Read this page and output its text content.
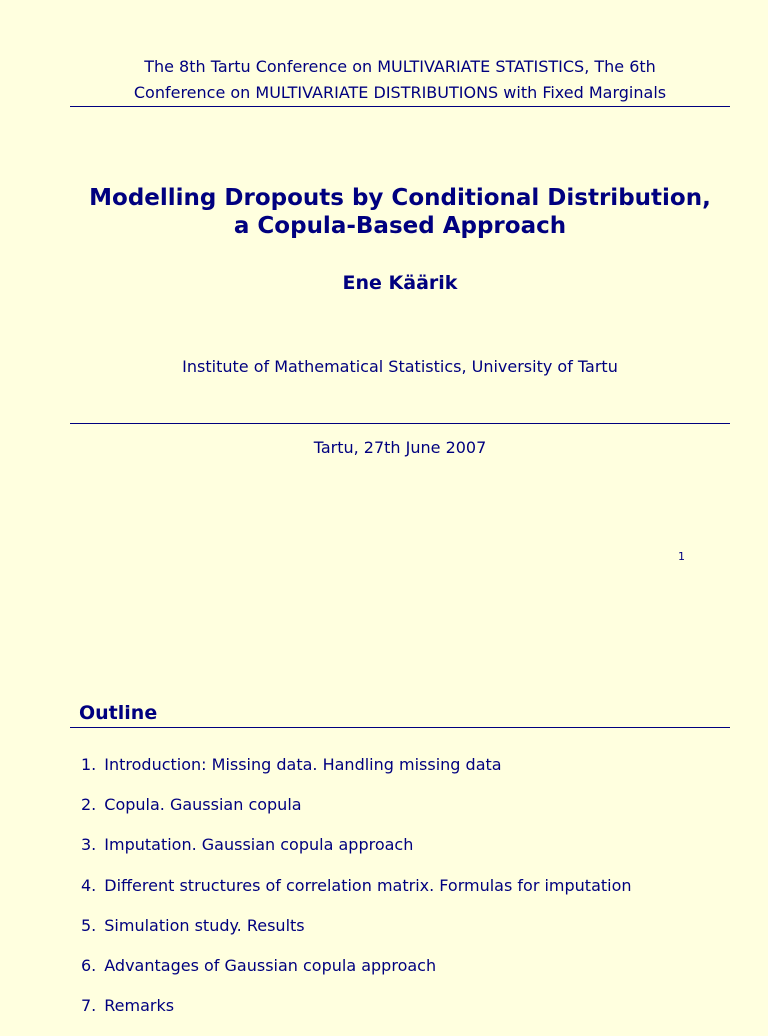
The 8th Tartu Conference on MULTIVARIATE STATISTICS, The 6th
Conference on MULTIVARIATE DISTRIBUTIONS with Fixed Marginals
Modelling Dropouts by Conditional Distribution,
a Copula-Based Approach
Ene Käärik
Institute of Mathematical Statistics, University of Tartu
Tartu, 27th June 2007
1
Outline
1. Introduction: Missing data. Handling missing data
2. Copula. Gaussian copula
3. Imputation. Gaussian copula approach
4. Different structures of correlation matrix. Formulas for imputation
5. Simulation study. Results
6. Advantages of Gaussian copula approach
7. Remarks
